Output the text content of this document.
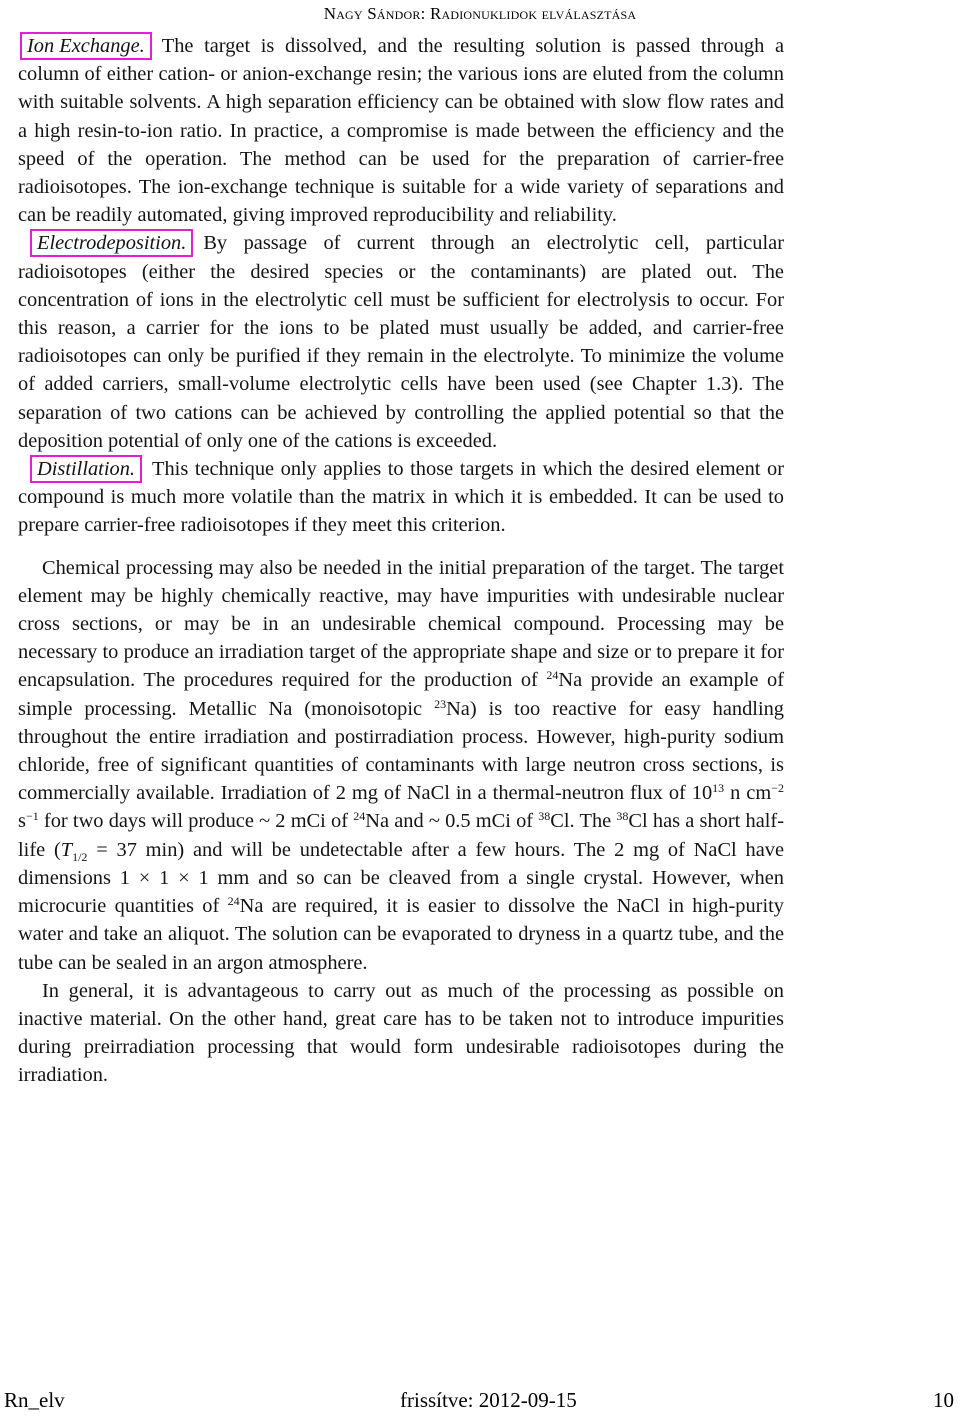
Nagy Sándor: Radionuklidok elválasztása

Ion Exchange. The target is dissolved, and the resulting solution is passed through a column of either cation- or anion-exchange resin; the various ions are eluted from the column with suitable solvents. A high separation efficiency can be obtained with slow flow rates and a high resin-to-ion ratio. In practice, a compromise is made between the efficiency and the speed of the operation. The method can be used for the preparation of carrier-free radioisotopes. The ion-exchange technique is suitable for a wide variety of separations and can be readily automated, giving improved reproducibility and reliability.

Electrodeposition. By passage of current through an electrolytic cell, particular radioisotopes (either the desired species or the contaminants) are plated out. The concentration of ions in the electrolytic cell must be sufficient for electrolysis to occur. For this reason, a carrier for the ions to be plated must usually be added, and carrier-free radioisotopes can only be purified if they remain in the electrolyte. To minimize the volume of added carriers, small-volume electrolytic cells have been used (see Chapter 1.3). The separation of two cations can be achieved by controlling the applied potential so that the deposition potential of only one of the cations is exceeded.

Distillation. This technique only applies to those targets in which the desired element or compound is much more volatile than the matrix in which it is embedded. It can be used to prepare carrier-free radioisotopes if they meet this criterion.

Chemical processing may also be needed in the initial preparation of the target. The target element may be highly chemically reactive, may have impurities with undesirable nuclear cross sections, or may be in an undesirable chemical compound. Processing may be necessary to produce an irradiation target of the appropriate shape and size or to prepare it for encapsulation. The procedures required for the production of $^{24}$Na provide an example of simple processing. Metallic Na (monoisotopic $^{23}$Na) is too reactive for easy handling throughout the entire irradiation and postirradiation process. However, high-purity sodium chloride, free of significant quantities of contaminants with large neutron cross sections, is commercially available. Irradiation of 2 mg of NaCl in a thermal-neutron flux of $10^{13}$ n $cm^{-2}$ $s^{-1}$ for two days will produce ~ 2 mCi of $^{24}$Na and ~ 0.5 mCi of $^{38}$Cl. The $^{38}$Cl has a short half-life ($T_{1/2} = 37$ min) and will be undetectable after a few hours. The 2 mg of NaCl have dimensions 1 × 1 × 1 mm and so can be cleaved from a single crystal. However, when microcurie quantities of $^{24}$Na are required, it is easier to dissolve the NaCl in high-purity water and take an aliquot. The solution can be evaporated to dryness in a quartz tube, and the tube can be sealed in an argon atmosphere.

In general, it is advantageous to carry out as much of the processing as possible on inactive material. On the other hand, great care has to be taken not to introduce impurities during preirradiation processing that would form undesirable radioisotopes during the irradiation.

Rn_elv	frissítve: 2012-09-15	10
